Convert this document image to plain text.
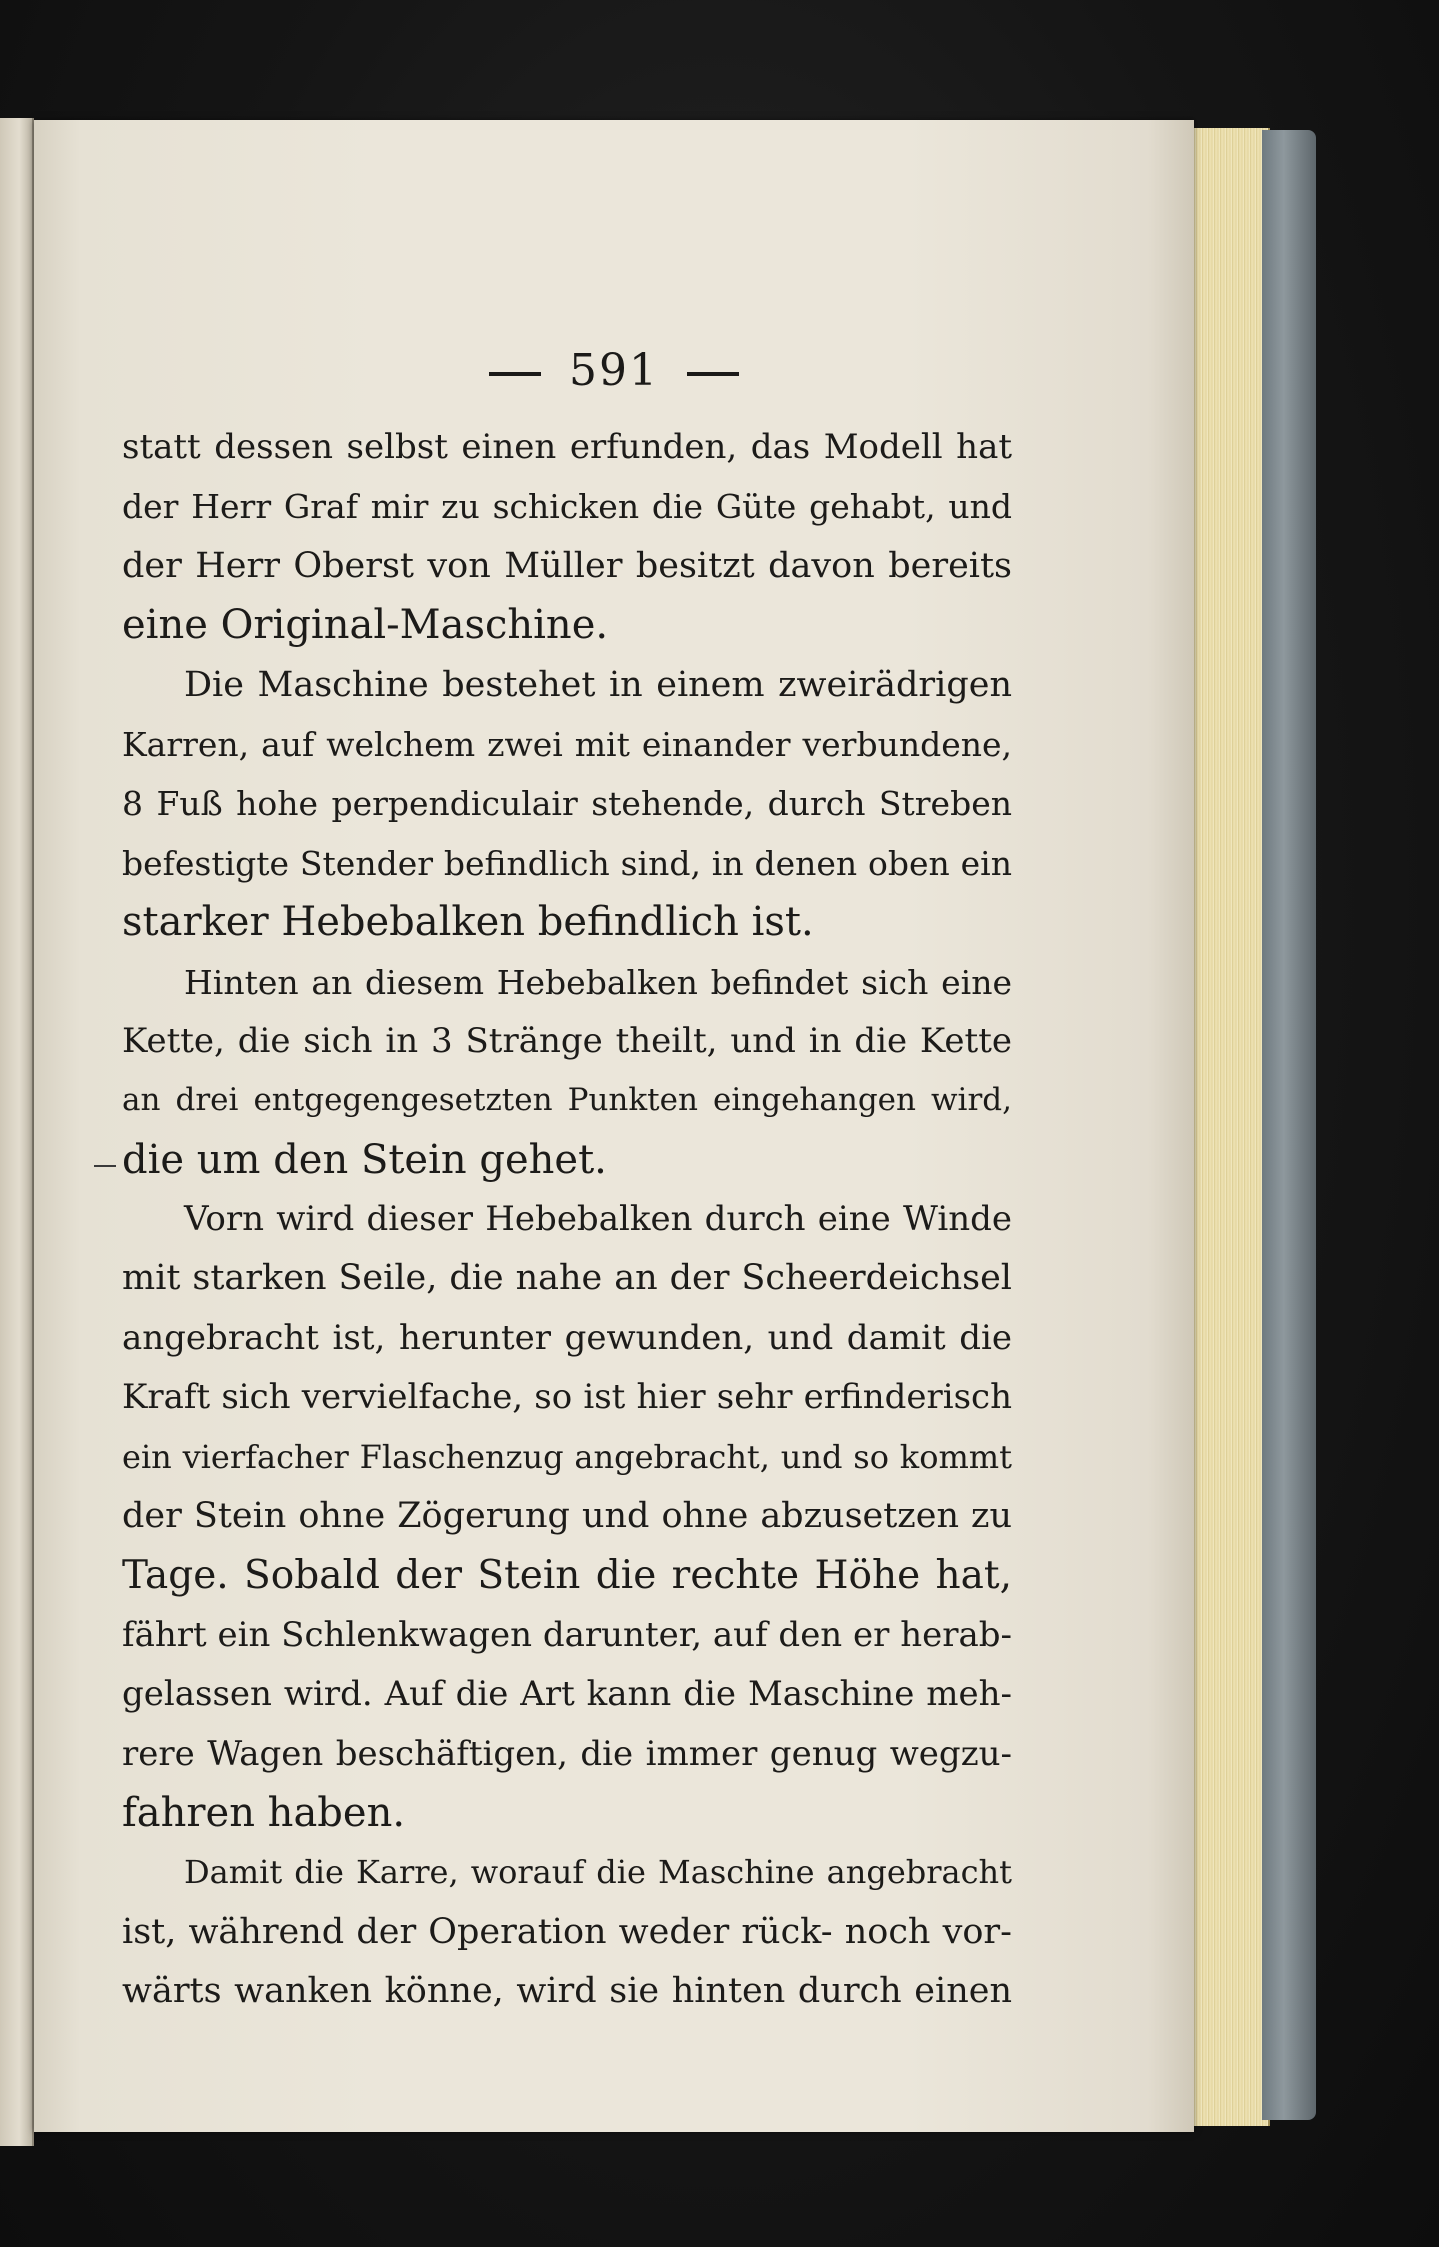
591
statt dessen selbst einen erfunden, das Modell hat
der Herr Graf mir zu schicken die Güte gehabt, und
der Herr Oberst von Müller besitzt davon bereits
eine Original-Maschine.
Die Maschine bestehet in einem zweirädrigen
Karren, auf welchem zwei mit einander verbundene,
8 Fuß hohe perpendiculair stehende, durch Streben
befestigte Stender befindlich sind, in denen oben ein
starker Hebebalken befindlich ist.
Hinten an diesem Hebebalken befindet sich eine
Kette, die sich in 3 Stränge theilt, und in die Kette
an drei entgegengesetzten Punkten eingehangen wird,
die um den Stein gehet.
Vorn wird dieser Hebebalken durch eine Winde
mit starken Seile, die nahe an der Scheerdeichsel
angebracht ist, herunter gewunden, und damit die
Kraft sich vervielfache, so ist hier sehr erfinderisch
ein vierfacher Flaschenzug angebracht, und so kommt
der Stein ohne Zögerung und ohne abzusetzen zu
Tage. Sobald der Stein die rechte Höhe hat,
fährt ein Schlenkwagen darunter, auf den er herab-
gelassen wird. Auf die Art kann die Maschine meh-
rere Wagen beschäftigen, die immer genug wegzu-
fahren haben.
Damit die Karre, worauf die Maschine angebracht
ist, während der Operation weder rück- noch vor-
wärts wanken könne, wird sie hinten durch einen
